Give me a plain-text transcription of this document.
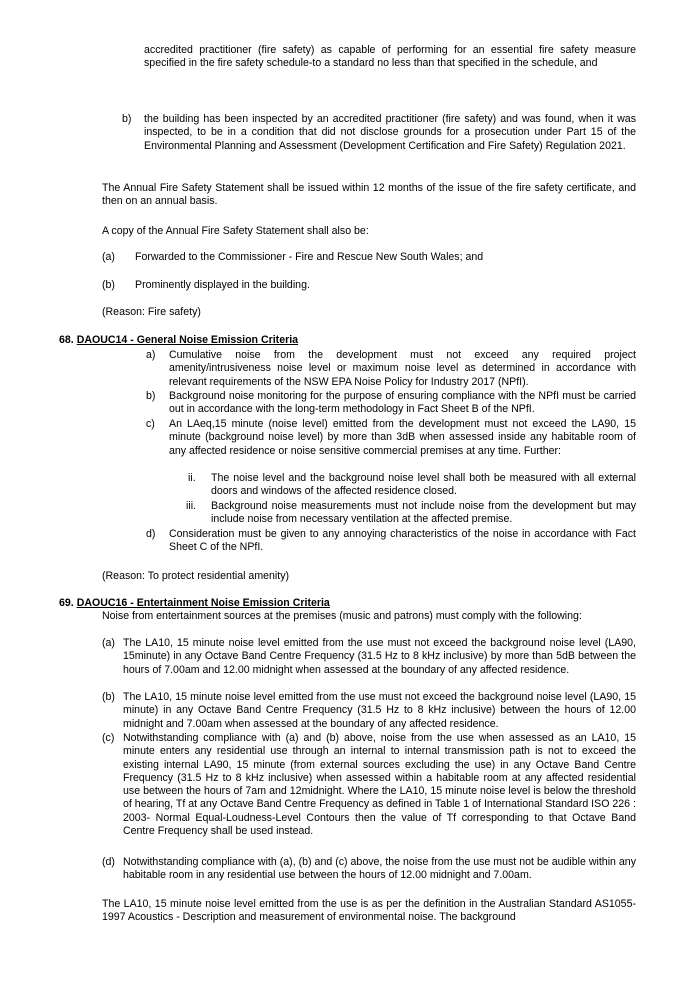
accredited practitioner (fire safety) as capable of performing for an essential fire safety measure specified in the fire safety schedule-to a standard no less than that specified in the schedule, and
b) the building has been inspected by an accredited practitioner (fire safety) and was found, when it was inspected, to be in a condition that did not disclose grounds for a prosecution under Part 15 of the Environmental Planning and Assessment (Development Certification and Fire Safety) Regulation 2021.
The Annual Fire Safety Statement shall be issued within 12 months of the issue of the fire safety certificate, and then on an annual basis.
A copy of the Annual Fire Safety Statement shall also be:
(a) Forwarded to the Commissioner - Fire and Rescue New South Wales; and
(b) Prominently displayed in the building.
(Reason: Fire safety)
68. DAOUC14 - General Noise Emission Criteria
a) Cumulative noise from the development must not exceed any required project amenity/intrusiveness noise level or maximum noise level as determined in accordance with relevant requirements of the NSW EPA Noise Policy for Industry 2017 (NPfI).
b) Background noise monitoring for the purpose of ensuring compliance with the NPfI must be carried out in accordance with the long-term methodology in Fact Sheet B of the NPfI.
c) An LAeq,15 minute (noise level) emitted from the development must not exceed the LA90, 15 minute (background noise level) by more than 3dB when assessed inside any habitable room of any affected residence or noise sensitive commercial premises at any time. Further:
ii. The noise level and the background noise level shall both be measured with all external doors and windows of the affected residence closed.
iii. Background noise measurements must not include noise from the development but may include noise from necessary ventilation at the affected premise.
d) Consideration must be given to any annoying characteristics of the noise in accordance with Fact Sheet C of the NPfI.
(Reason: To protect residential amenity)
69. DAOUC16 - Entertainment Noise Emission Criteria
Noise from entertainment sources at the premises (music and patrons) must comply with the following:
(a) The LA10, 15 minute noise level emitted from the use must not exceed the background noise level (LA90, 15minute) in any Octave Band Centre Frequency (31.5 Hz to 8 kHz inclusive) by more than 5dB between the hours of 7.00am and 12.00 midnight when assessed at the boundary of any affected residence.
(b) The LA10, 15 minute noise level emitted from the use must not exceed the background noise level (LA90, 15 minute) in any Octave Band Centre Frequency (31.5 Hz to 8 kHz inclusive) between the hours of 12.00 midnight and 7.00am when assessed at the boundary of any affected residence.
(c) Notwithstanding compliance with (a) and (b) above, noise from the use when assessed as an LA10, 15 minute enters any residential use through an internal to internal transmission path is not to exceed the existing internal LA90, 15 minute (from external sources excluding the use) in any Octave Band Centre Frequency (31.5 Hz to 8 kHz inclusive) when assessed within a habitable room at any affected residential use between the hours of 7am and 12midnight. Where the LA10, 15 minute noise level is below the threshold of hearing, Tf at any Octave Band Centre Frequency as defined in Table 1 of International Standard ISO 226 : 2003- Normal Equal-Loudness-Level Contours then the value of Tf corresponding to that Octave Band Centre Frequency shall be used instead.
(d) Notwithstanding compliance with (a), (b) and (c) above, the noise from the use must not be audible within any habitable room in any residential use between the hours of 12.00 midnight and 7.00am.
The LA10, 15 minute noise level emitted from the use is as per the definition in the Australian Standard AS1055-1997 Acoustics - Description and measurement of environmental noise. The background
